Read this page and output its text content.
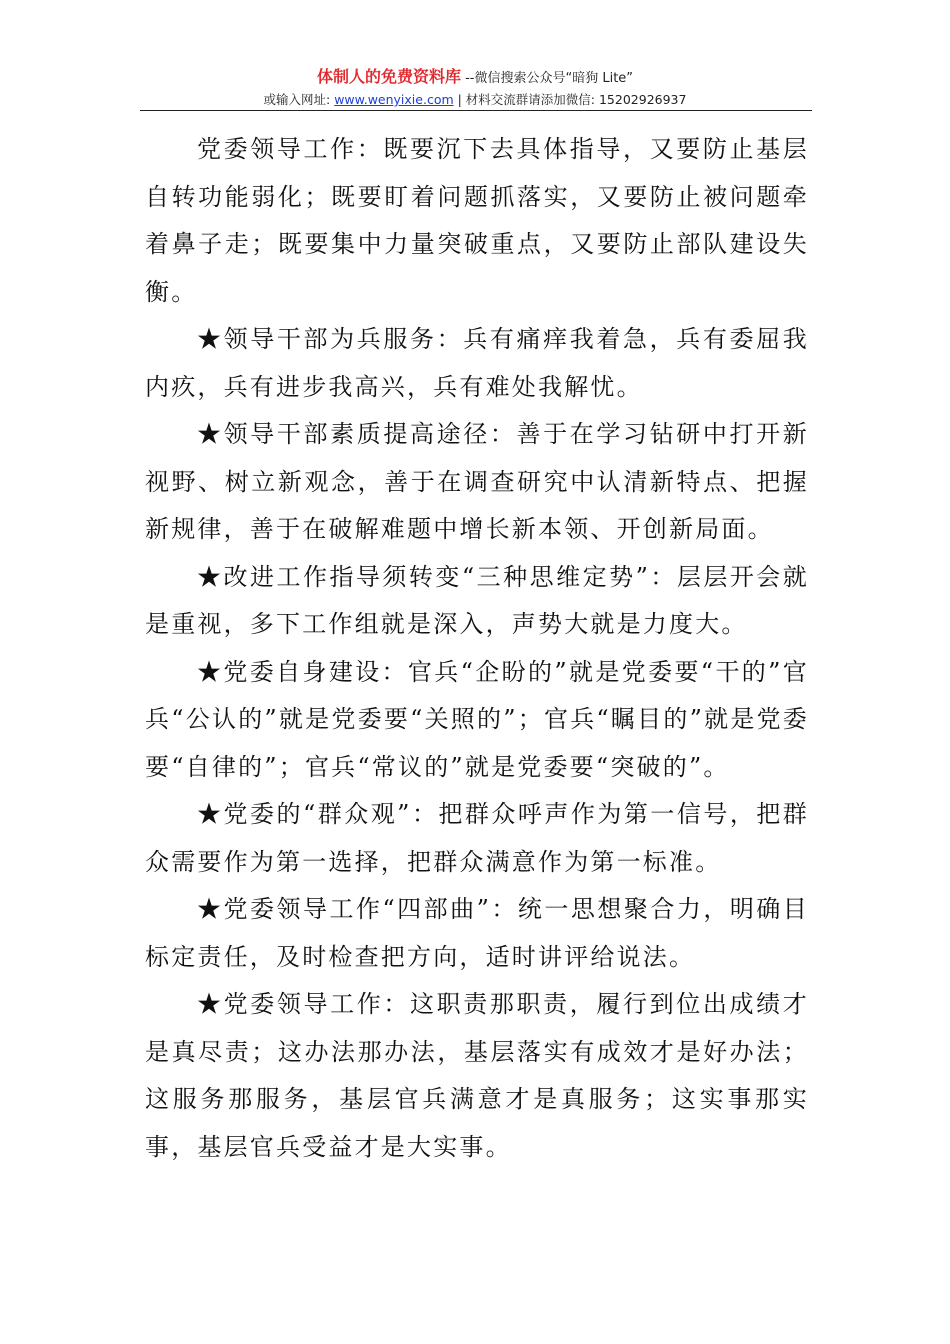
体制人的免费资料库 --微信搜索公众号“暗狗 Lite”
或输入网址: www.wenyixie.com | 材料交流群请添加微信: 15202926937

党委领导工作：既要沉下去具体指导，又要防止基层自转功能弱化；既要盯着问题抓落实，又要防止被问题牵着鼻子走；既要集中力量突破重点，又要防止部队建设失衡。

★领导干部为兵服务：兵有痛痒我着急，兵有委屈我内疚，兵有进步我高兴，兵有难处我解忧。

★领导干部素质提高途径：善于在学习钻研中打开新视野、树立新观念，善于在调查研究中认清新特点、把握新规律，善于在破解难题中增长新本领、开创新局面。

★改进工作指导须转变“三种思维定势”：层层开会就是重视，多下工作组就是深入，声势大就是力度大。

★党委自身建设：官兵“企盼的”就是党委要“干的”官兵“公认的”就是党委要“关照的”；官兵“瞩目的”就是党委要“自律的”；官兵“常议的”就是党委要“突破的”。

★党委的“群众观”：把群众呼声作为第一信号，把群众需要作为第一选择，把群众满意作为第一标准。

★党委领导工作“四部曲”：统一思想聚合力，明确目标定责任，及时检查把方向，适时讲评给说法。

★党委领导工作：这职责那职责，履行到位出成绩才是真尽责；这办法那办法，基层落实有成效才是好办法；这服务那服务，基层官兵满意才是真服务；这实事那实事，基层官兵受益才是大实事。
